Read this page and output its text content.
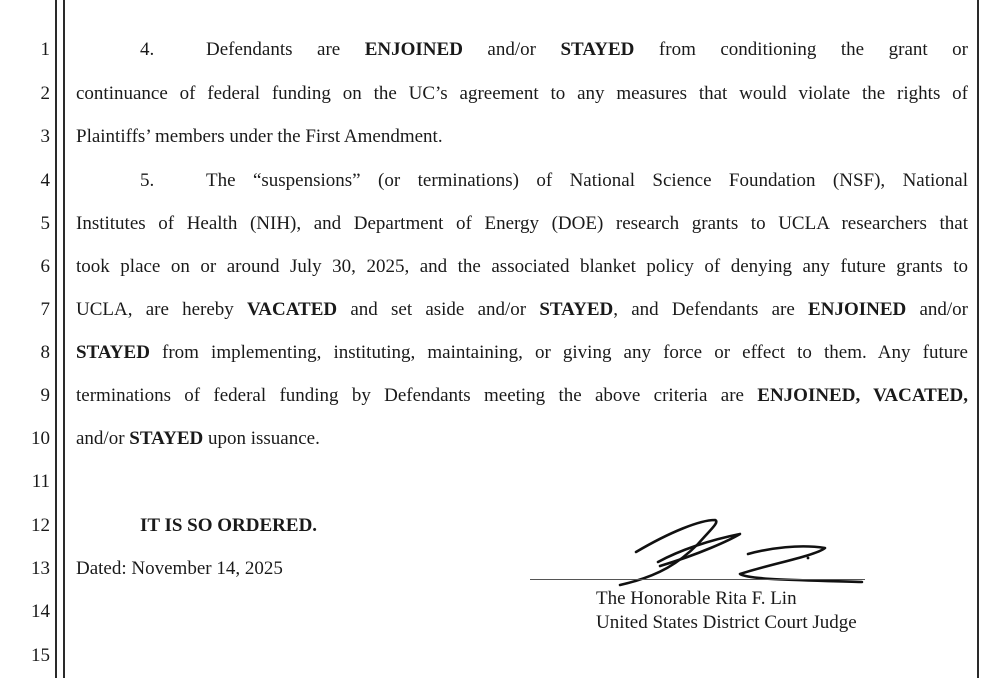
1
2
3
4
5
6
7
8
9
10
11
12
13
14
15
4.	Defendants are ENJOINED and/or STAYED from conditioning the grant or
continuance of federal funding on the UC’s agreement to any measures that would violate the rights of
Plaintiffs’ members under the First Amendment.
5.	The “suspensions” (or terminations) of National Science Foundation (NSF), National
Institutes of Health (NIH), and Department of Energy (DOE) research grants to UCLA researchers that
took place on or around July 30, 2025, and the associated blanket policy of denying any future grants to
UCLA, are hereby VACATED and set aside and/or STAYED, and Defendants are ENJOINED and/or
STAYED from implementing, instituting, maintaining, or giving any force or effect to them. Any future
terminations of federal funding by Defendants meeting the above criteria are ENJOINED, VACATED,
and/or STAYED upon issuance.
IT IS SO ORDERED.
Dated: November 14, 2025
The Honorable Rita F. Lin
United States District Court Judge
